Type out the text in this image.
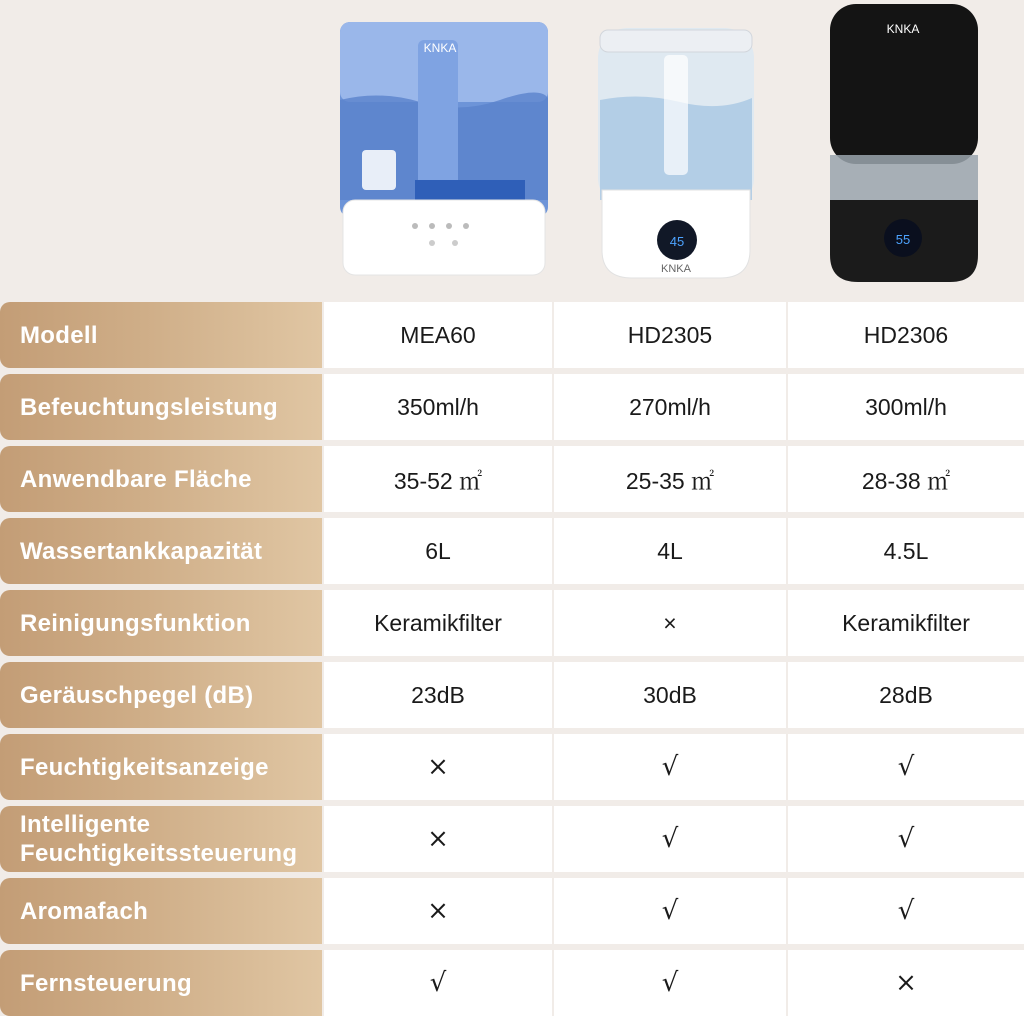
KNKA
45
KNKA
55
KNKA
Modell	MEA60	HD2305	HD2306
Befeuchtungsleistung	350ml/h	270ml/h	300ml/h
Anwendbare Fläche	35-52 ㎡	25-35 ㎡	28-38 ㎡
Wassertankkapazität	6L	4L	4.5L
Reinigungsfunktion	Keramikfilter	×	Keramikfilter
Geräuschpegel (dB)	23dB	30dB	28dB
Feuchtigkeitsanzeige	×	√	√
Intelligente Feuchtigkeitssteuerung	×	√	√
Aromafach	×	√	√
Fernsteuerung	√	√	×
